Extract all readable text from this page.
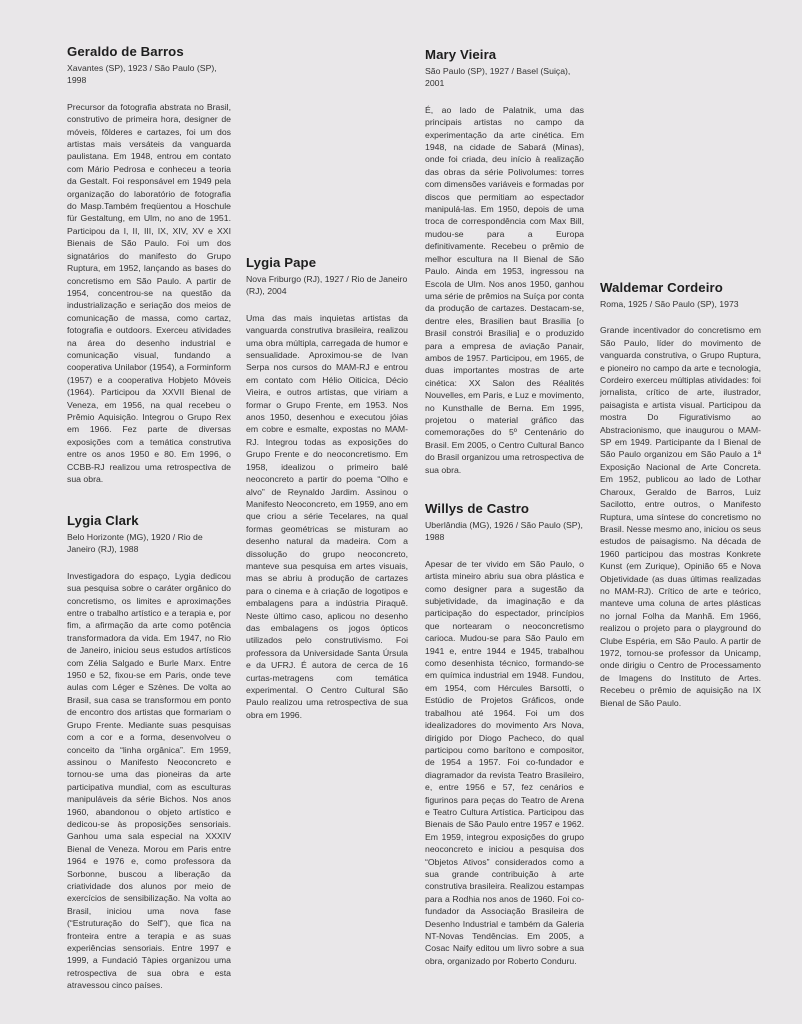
Geraldo de Barros

Xavantes (SP), 1923 / São Paulo (SP), 1998

Precursor da fotografia abstrata no Brasil, construtivo de primeira hora, designer de móveis, fôlderes e cartazes, foi um dos artistas mais versáteis da vanguarda paulistana. Em 1948, entrou em contato com Mário Pedrosa e conheceu a teoria da Gestalt. Foi responsável em 1949 pela organização do laboratório de fotografia do Masp.Também freqüentou a Hoschule für Gestaltung, em Ulm, no ano de 1951. Participou da I, II, III, IX, XIV, XV e XXI Bienais de São Paulo. Foi um dos signatários do manifesto do Grupo Ruptura, em 1952, lançando as bases do concretismo em São Paulo. A partir de 1954, concentrou-se na questão da industrialização e seriação dos meios de comunicação de massa, como cartaz, fotografia e outdoors. Exerceu atividades na área do desenho industrial e comunicação visual, fundando a cooperativa Unilabor (1954), a Forminform (1957) e a cooperativa Hobjeto Móveis (1964). Participou da XXVII Bienal de Veneza, em 1956, na qual recebeu o Prêmio Aquisição. Integrou o Grupo Rex em 1966. Fez parte de diversas exposições com a temática construtiva entre os anos 1950 e 80. Em 1996, o CCBB-RJ realizou uma retrospectiva de sua obra.

Lygia Clark

Belo Horizonte (MG), 1920 / Rio de Janeiro (RJ), 1988

Investigadora do espaço, Lygia dedicou sua pesquisa sobre o caráter orgânico do concretismo, os limites e aproximações entre o trabalho artístico e a terapia e, por fim, a afirmação da arte como potência transformadora da vida. Em 1947, no Rio de Janeiro, iniciou seus estudos artísticos com Zélia Salgado e Burle Marx. Entre 1950 e 52, fixou-se em Paris, onde teve aulas com Léger e Szènes. De volta ao Brasil, sua casa se transformou em ponto de encontro dos artistas que formariam o Grupo Frente. Mediante suas pesquisas com a cor e a forma, desenvolveu o conceito da “linha orgânica”. Em 1959, assinou o Manifesto Neoconcreto e tornou-se uma das pioneiras da arte participativa mundial, com as esculturas manipuláveis da série Bichos. Nos anos 1960, abandonou o objeto artístico e dedicou-se às proposições sensoriais. Ganhou uma sala especial na XXXIV Bienal de Veneza. Morou em Paris entre 1964 e 1976 e, como professora da Sorbonne, buscou a liberação da criatividade dos alunos por meio de exercícios de sensibilização. Na volta ao Brasil, iniciou uma nova fase (“Estruturação do Self”), que fica na fronteira entre a terapia e as suas experiências sensoriais. Entre 1997 e 1999, a Fundació Tàpies organizou uma retrospectiva de sua obra e esta atravessou cinco países.

Lygia Pape

Nova Friburgo (RJ), 1927 / Rio de Janeiro (RJ), 2004

Uma das mais inquietas artistas da vanguarda construtiva brasileira, realizou uma obra múltipla, carregada de humor e sensualidade. Aproximou-se de Ivan Serpa nos cursos do MAM-RJ e entrou em contato com Hélio Oiticica, Décio Vieira, e outros artistas, que viriam a formar o Grupo Frente, em 1953. Nos anos 1950, desenhou e executou jóias em cobre e esmalte, expostas no MAM-RJ. Integrou todas as exposições do Grupo Frente e do neoconcretismo. Em 1958, idealizou o primeiro balé neoconcreto a partir do poema “Olho e alvo” de Reynaldo Jardim. Assinou o Manifesto Neoconcreto, em 1959, ano em que criou a série Tecelares, na qual formas geométricas se misturam ao desenho natural da madeira. Com a dissolução do grupo neoconcreto, manteve sua pesquisa em artes visuais, mas se abriu à produção de cartazes para o cinema e à criação de logotipos e embalagens para a indústria Piraquê. Neste último caso, aplicou no desenho das embalagens os jogos ópticos utilizados pelo construtivismo. Foi professora da Universidade Santa Úrsula e da UFRJ. É autora de cerca de 16 curtas-metragens com temática experimental. O Centro Cultural São Paulo realizou uma retrospectiva de sua obra em 1996.

Mary Vieira

São Paulo (SP), 1927 / Basel (Suiça), 2001

É, ao lado de Palatnik, uma das principais artistas no campo da experimentação da arte cinética. Em 1948, na cidade de Sabará (Minas), onde foi criada, deu início à realização das obras da série Polivolumes: torres com dimensões variáveis e formadas por discos que permitiam ao espectador manipulá-las. Em 1950, depois de uma troca de correspondência com Max Bill, mudou-se para a Europa definitivamente. Recebeu o prêmio de melhor escultura na II Bienal de São Paulo. Ainda em 1953, ingressou na Escola de Ulm. Nos anos 1950, ganhou uma série de prêmios na Suíça por conta da produção de cartazes. Destacam-se, dentre eles, Brasilien baut Brasilia [o Brasil constrói Brasília] e o produzido para a empresa de aviação Panair, ambos de 1957. Participou, em 1965, de duas importantes mostras de arte cinética: XX Salon des Réalités Nouvelles, em Paris, e Luz e movimento, no Kunsthalle de Berna. Em 1995, projetou o material gráfico das comemorações do 5º Centenário do Brasil. Em 2005, o Centro Cultural Banco do Brasil organizou uma retrospectiva de sua obra.

Willys de Castro

Uberlândia (MG), 1926 / São Paulo (SP), 1988

Apesar de ter vivido em São Paulo, o artista mineiro abriu sua obra plástica e como designer para a sugestão da subjetividade, da imaginação e da participação do espectador, princípios que nortearam o neoconcretismo carioca. Mudou-se para São Paulo em 1941 e, entre 1944 e 1945, trabalhou como desenhista técnico, formando-se em química industrial em 1948. Fundou, em 1954, com Hércules Barsotti, o Estúdio de Projetos Gráficos, onde trabalhou até 1964. Foi um dos idealizadores do movimento Ars Nova, dirigido por Diogo Pacheco, do qual participou como barítono e compositor, de 1954 a 1957. Foi co-fundador e diagramador da revista Teatro Brasileiro, e, entre 1956 e 57, fez cenários e figurinos para peças do Teatro de Arena e Teatro Cultura Artística. Participou das Bienais de São Paulo entre 1957 e 1962. Em 1959, integrou exposições do grupo neoconcreto e iniciou a pesquisa dos “Objetos Ativos” considerados como a sua grande contribuição à arte construtiva brasileira. Realizou estampas para a Rodhia nos anos de 1960. Foi co-fundador da Associação Brasileira de Desenho Industrial e também da Galeria NT-Novas Tendências. Em 2005, a Cosac Naify editou um livro sobre a sua obra, organizado por Roberto Conduru.

Waldemar Cordeiro

Roma, 1925 / São Paulo (SP), 1973

Grande incentivador do concretismo em São Paulo, líder do movimento de vanguarda construtiva, o Grupo Ruptura, e pioneiro no campo da arte e tecnologia, Cordeiro exerceu múltiplas atividades: foi jornalista, crítico de arte, ilustrador, paisagista e artista visual. Participou da mostra Do Figurativismo ao Abstracionismo, que inaugurou o MAM-SP em 1949. Participante da I Bienal de São Paulo organizou em São Paulo a 1ª Exposição Nacional de Arte Concreta. Em 1952, publicou ao lado de Lothar Charoux, Geraldo de Barros, Luiz Sacilotto, entre outros, o Manifesto Ruptura, uma síntese do concretismo no Brasil. Nesse mesmo ano, iniciou os seus estudos de paisagismo. Na década de 1960 participou das mostras Konkrete Kunst (em Zurique), Opinião 65 e Nova Objetividade (as duas últimas realizadas no MAM-RJ). Crítico de arte e teórico, manteve uma coluna de artes plásticas no jornal Folha da Manhã. Em 1966, realizou o projeto para o playground do Clube Espéria, em São Paulo. A partir de 1972, tornou-se professor da Unicamp, onde dirigiu o Centro de Processamento de Imagens do Instituto de Artes. Recebeu o prêmio de aquisição na IX Bienal de São Paulo.
